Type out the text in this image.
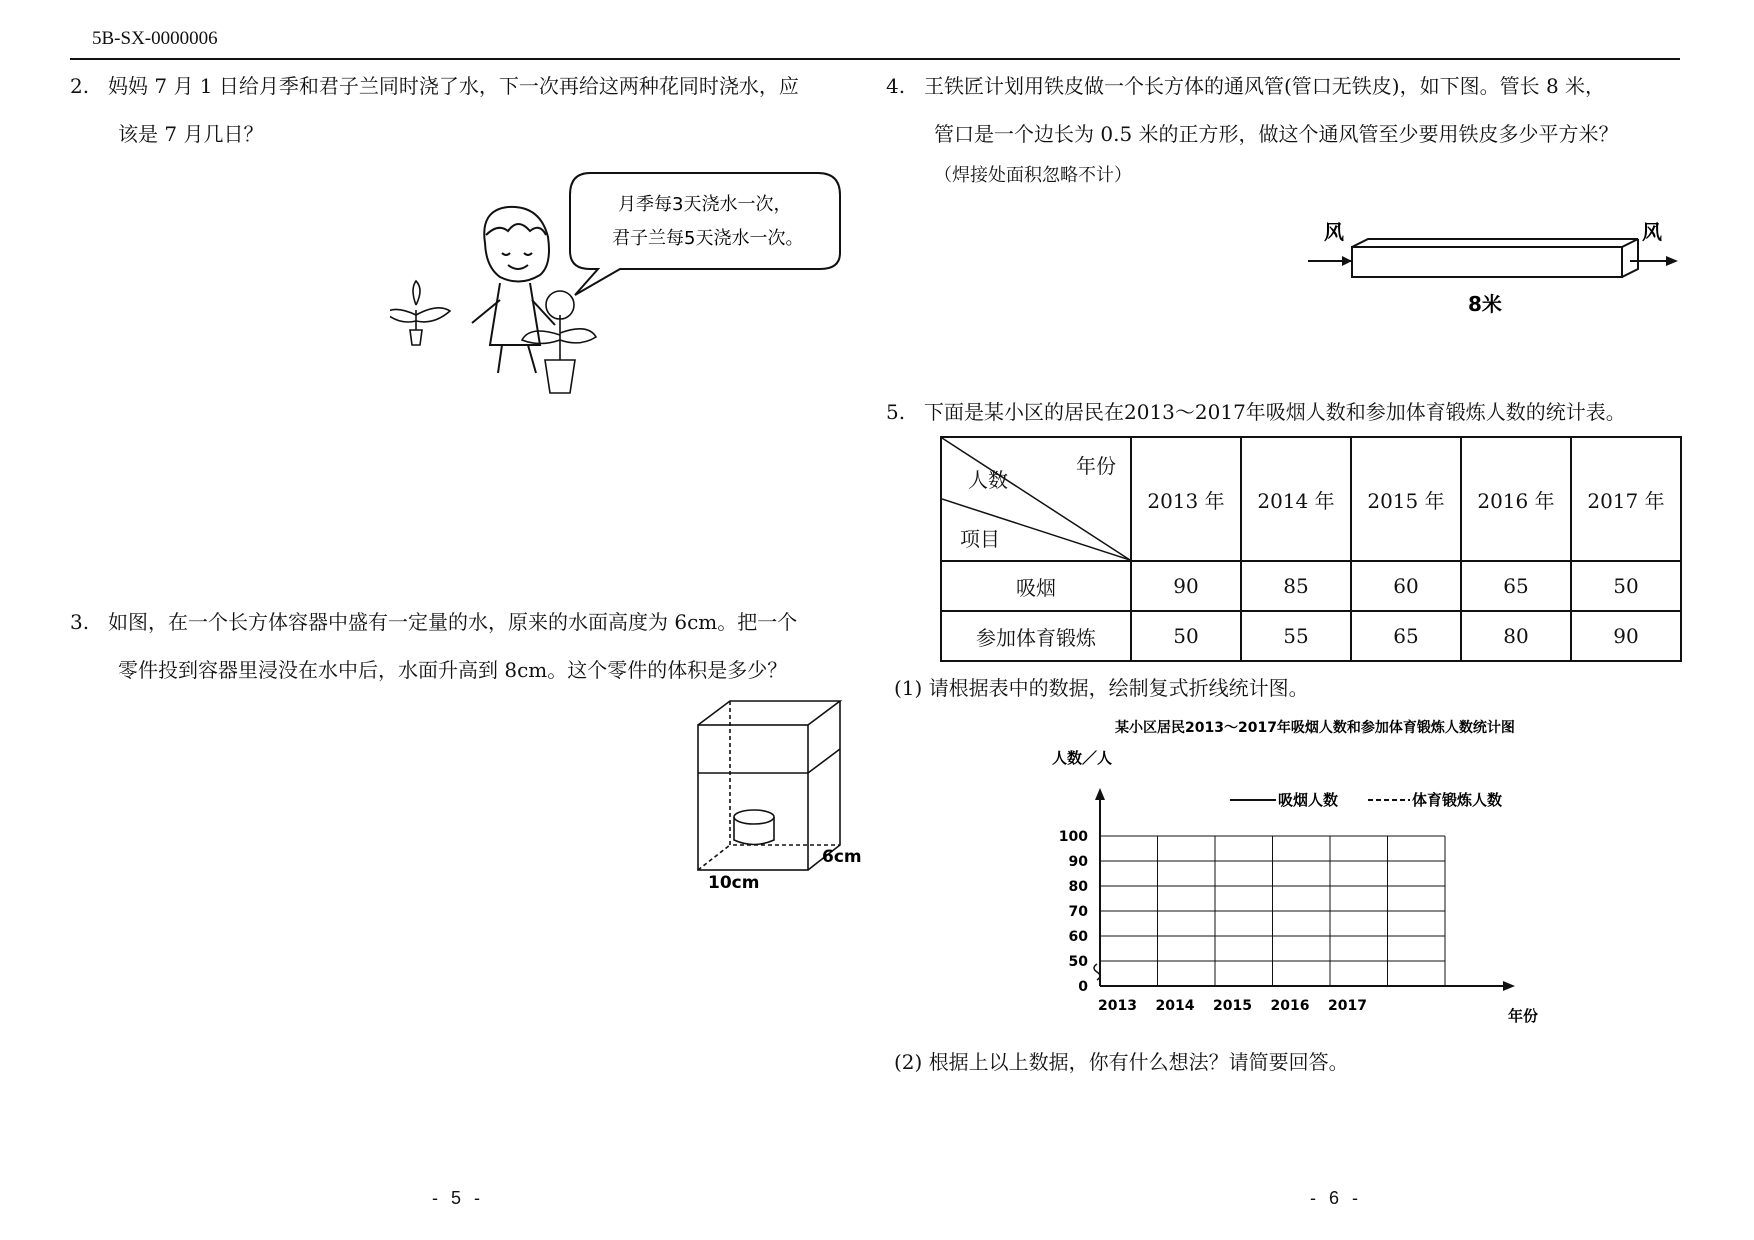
5B-SX-0000006
2. 妈妈 7 月 1 日给月季和君子兰同时浇了水，下一次再给这两种花同时浇水，应
该是 7 月几日？
月季每3天浇水一次，
君子兰每5天浇水一次。
3. 如图，在一个长方体容器中盛有一定量的水，原来的水面高度为 6cm。把一个
零件投到容器里浸没在水中后，水面升高到 8cm。这个零件的体积是多少？
10cm
6cm
4. 王铁匠计划用铁皮做一个长方体的通风管(管口无铁皮)，如下图。管长 8 米，
管口是一个边长为 0.5 米的正方形，做这个通风管至少要用铁皮多少平方米？
（焊接处面积忽略不计）
风	风
8米
5. 下面是某小区的居民在2013～2017年吸烟人数和参加体育锻炼人数的统计表。
年份
人数
项目	2013 年	2014 年	2015 年	2016 年	2017 年
吸烟	90	85	60	65	50
参加体育锻炼	50	55	65	80	90
(1) 请根据表中的数据，绘制复式折线统计图。
某小区居民2013～2017年吸烟人数和参加体育锻炼人数统计图
人数／人
吸烟人数	体育锻炼人数
0
50
60
70
80
90
100
2013 2014 2015 2016 2017
年份
(2) 根据上以上数据，你有什么想法？请简要回答。
- 5 -	- 6 -
